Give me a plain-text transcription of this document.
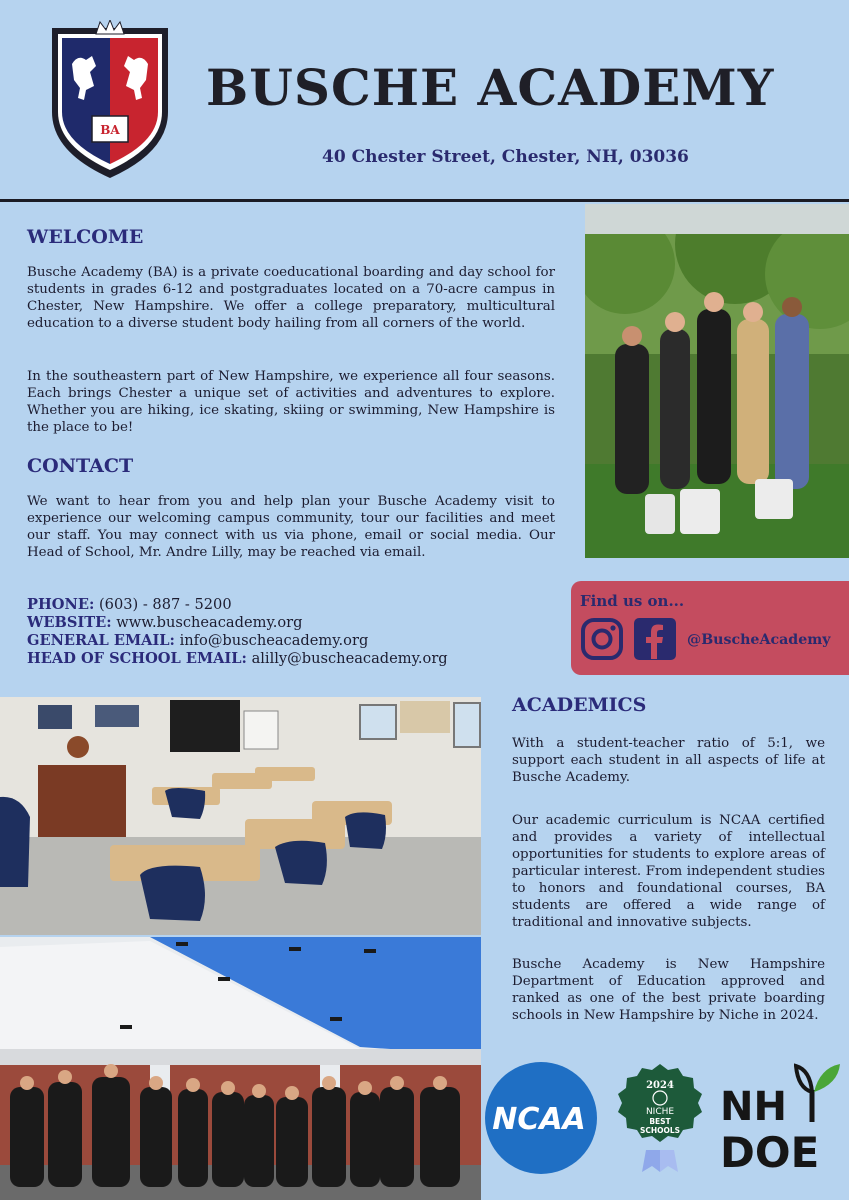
BA
BUSCHE ACADEMY
40 Chester Street, Chester, NH, 03036
WELCOME
Busche Academy (BA) is a private coeducational boarding and day school for students in grades 6-12 and postgraduates located on a 70-acre campus in Chester, New Hampshire. We offer a college preparatory, multicultural education to a diverse student body hailing from all corners of the world.
In the southeastern part of New Hampshire, we experience all four seasons. Each brings Chester a unique set of activities and adventures to explore. Whether you are hiking, ice skating, skiing or swimming, New Hampshire is the place to be!
CONTACT
We want to hear from you and help plan your Busche Academy visit to experience our welcoming campus community, tour our facilities and meet our staff. You may connect with us via phone, email or social media. Our Head of School, Mr. Andre Lilly, may be reached via email.
PHONE: (603) - 887 - 5200
WEBSITE: www.buscheacademy.org
GENERAL EMAIL: info@buscheacademy.org
HEAD OF SCHOOL EMAIL: alilly@buscheacademy.org
Find us on...
@BuscheAcademy
ACADEMICS
With a student-teacher ratio of 5:1, we support each student in all aspects of life at Busche Academy.
Our academic curriculum is NCAA certified and provides a variety of intellectual opportunities for students to explore areas of particular interest. From independent studies to honors and foundational courses, BA students are offered a wide range of traditional and innovative subjects.
Busche Academy is New Hampshire Department of Education approved and ranked as one of the best private boarding schools in New Hampshire by Niche in 2024.
NCAA
2024
NICHE
BEST
SCHOOLS
NH
DOE
